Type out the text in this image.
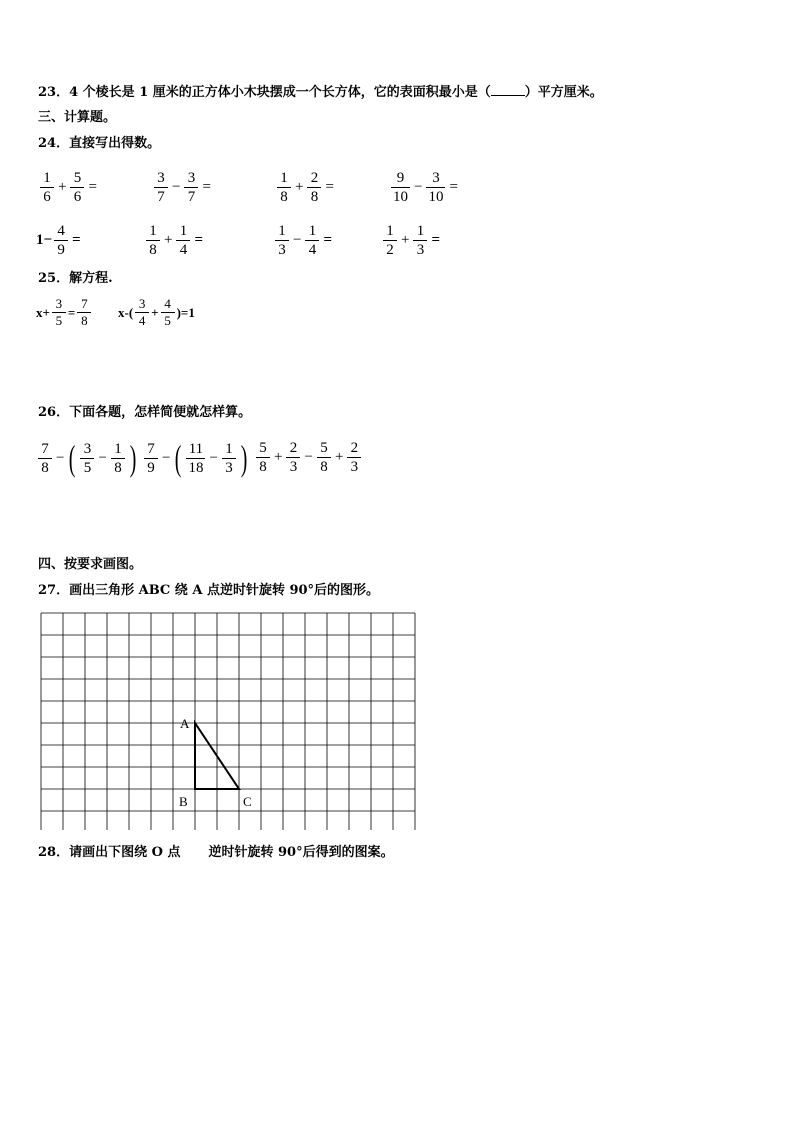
23．4 个棱长是 1 厘米的正方体小木块摆成一个长方体，它的表面积最小是（	）平方厘米。
三、计算题。
24．直接写出得数。
$\frac{1}{6} + \frac{5}{6}$ =	$\frac{3}{7} - \frac{3}{7}$ =	$\frac{1}{8} + \frac{2}{8}$ =	$\frac{9}{10} - \frac{3}{10}$ =
$1- \frac{4}{9}$ =	$\frac{1}{8} + \frac{1}{4}$ =	$\frac{1}{3} - \frac{1}{4}$ =	$\frac{1}{2} + \frac{1}{3}$ =
25．解方程.
$x+ \frac{3}{5} = \frac{7}{8} x-( \frac{3}{4} + \frac{4}{5} )=1$
26．下面各题，怎样简便就怎样算。
$\frac{7}{8}$ − ( $\frac{3}{5} - \frac{1}{8}$ ) $\frac{7}{9}$ − ( $\frac{11}{18} - \frac{1}{3}$ ) $\frac{5}{8} + \frac{2}{3} - \frac{5}{8} + \frac{2}{3}$
四、按要求画图。
27．画出三角形 ABC 绕 A 点逆时针旋转 90°后的图形。
A
B	C
28．请画出下图绕 O 点 逆时针旋转 90°后得到的图案。
